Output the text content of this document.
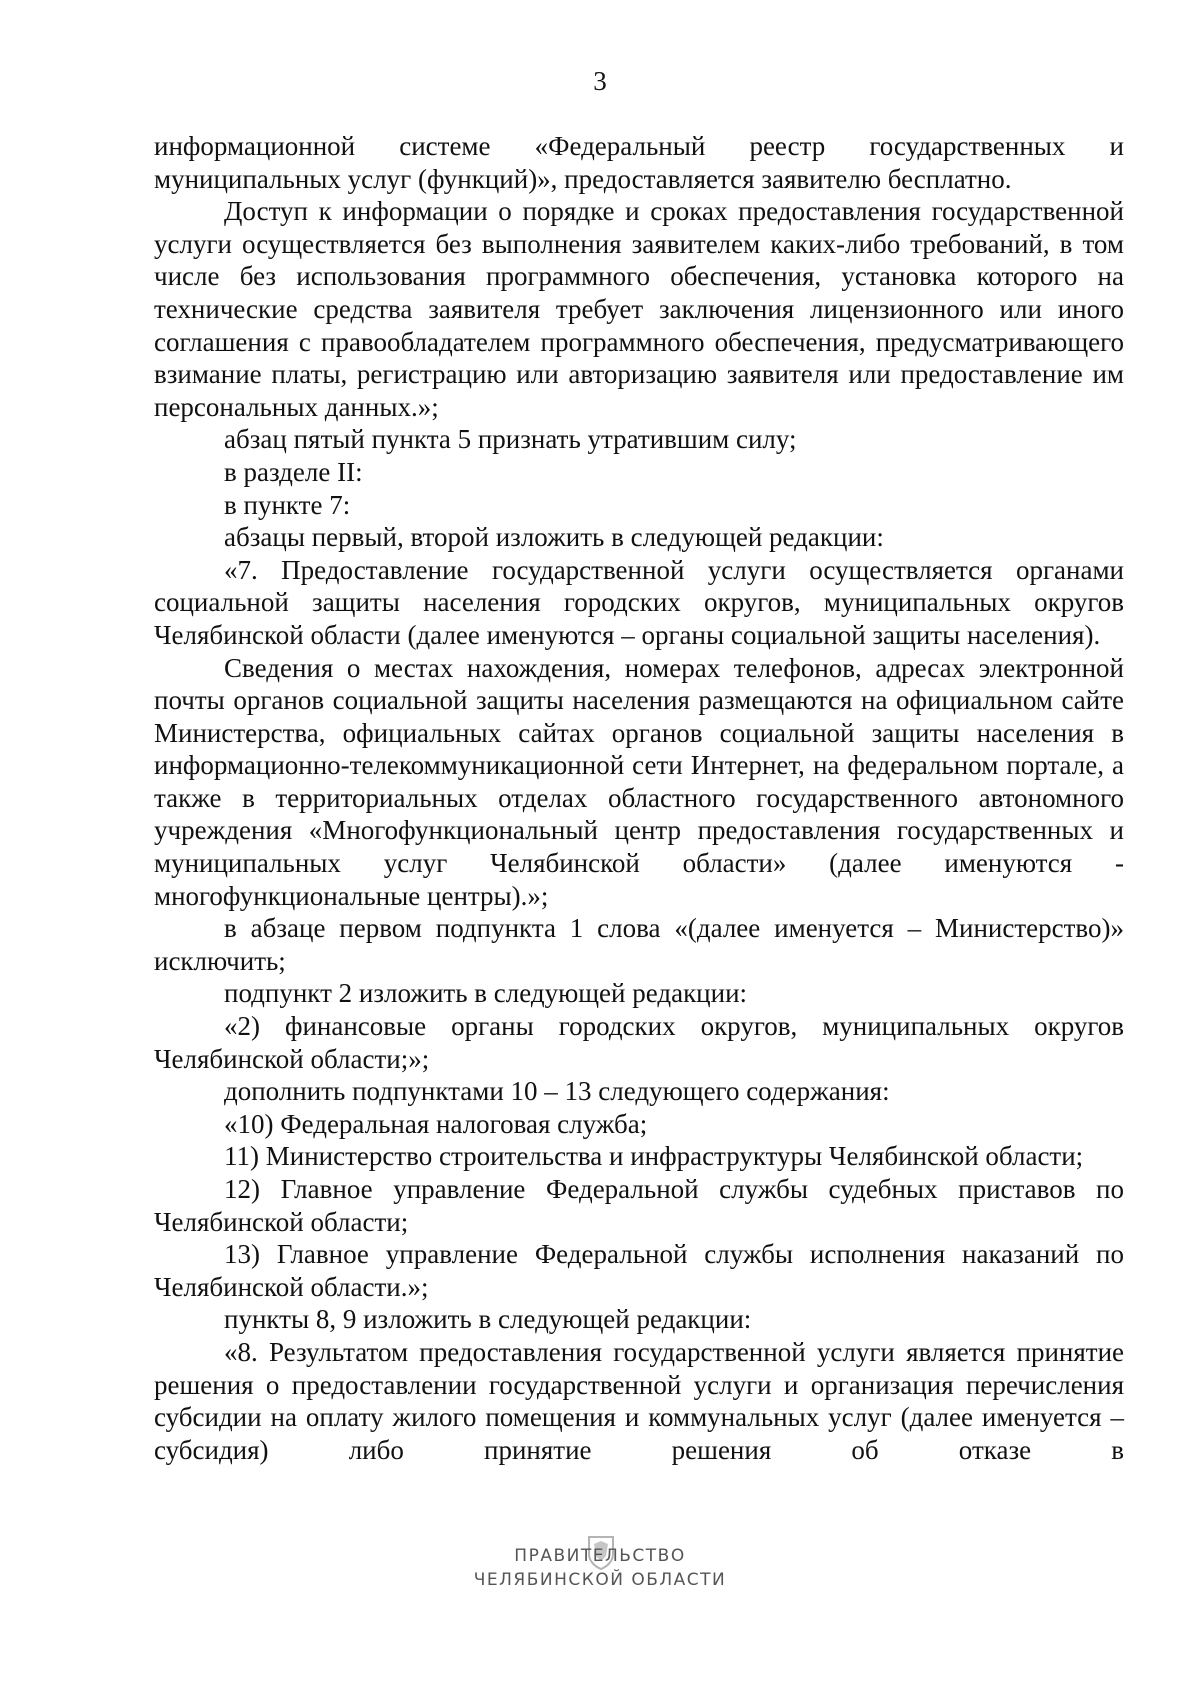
3

информационной системе «Федеральный реестр государственных и муниципальных услуг (функций)», предоставляется заявителю бесплатно.

Доступ к информации о порядке и сроках предоставления государственной услуги осуществляется без выполнения заявителем каких-либо требований, в том числе без использования программного обеспечения, установка которого на технические средства заявителя требует заключения лицензионного или иного соглашения с правообладателем программного обеспечения, предусматривающего взимание платы, регистрацию или авторизацию заявителя или предоставление им персональных данных.»;

абзац пятый пункта 5 признать утратившим силу;

в разделе II:

в пункте 7:

абзацы первый, второй изложить в следующей редакции:

«7. Предоставление государственной услуги осуществляется органами социальной защиты населения городских округов, муниципальных округов Челябинской области (далее именуются – органы социальной защиты населения).

Сведения о местах нахождения, номерах телефонов, адресах электронной почты органов социальной защиты населения размещаются на официальном сайте Министерства, официальных сайтах органов социальной защиты населения в информационно-телекоммуникационной сети Интернет, на федеральном портале, а также в территориальных отделах областного государственного автономного учреждения «Многофункциональный центр предоставления государственных и муниципальных услуг Челябинской области» (далее именуются - многофункциональные центры).»;

в абзаце первом подпункта 1 слова «(далее именуется – Министерство)» исключить;

подпункт 2 изложить в следующей редакции:

«2) финансовые органы городских округов, муниципальных округов Челябинской области;»;

дополнить подпунктами 10 – 13 следующего содержания:

«10) Федеральная налоговая служба;

11) Министерство строительства и инфраструктуры Челябинской области;

12) Главное управление Федеральной службы судебных приставов по Челябинской области;

13) Главное управление Федеральной службы исполнения наказаний по Челябинской области.»;

пункты 8, 9 изложить в следующей редакции:

«8. Результатом предоставления государственной услуги является принятие решения о предоставлении государственной услуги и организация перечисления субсидии на оплату жилого помещения и коммунальных услуг (далее именуется – субсидия) либо принятие решения об отказе в

ПРАВИТЕЛЬСТВО
ЧЕЛЯБИНСКОЙ ОБЛАСТИ
